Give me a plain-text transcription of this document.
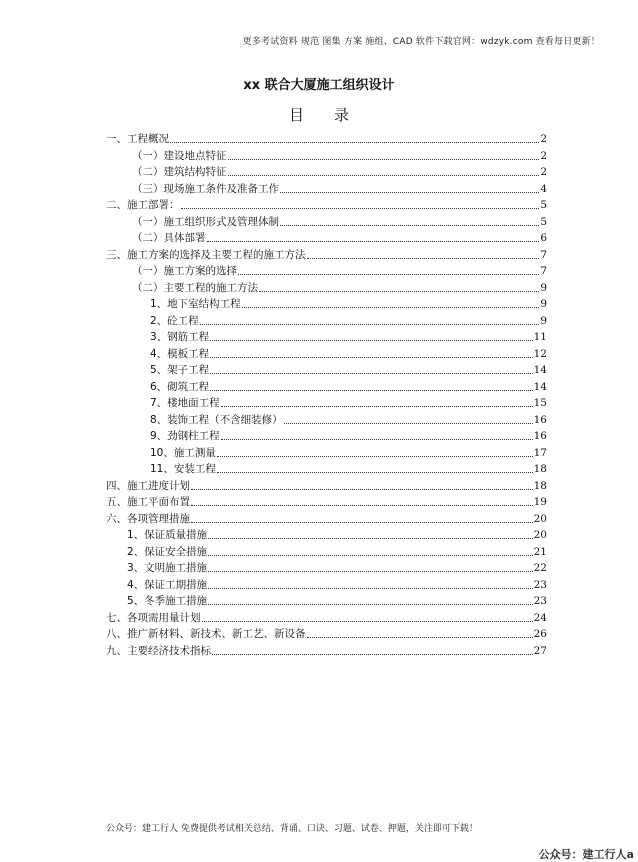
更多考试资料 规范 图集 方案 施组、CAD 软件下载官网：wdzyk.com 查看每日更新！
xx 联合大厦施工组织设计
目 录
一、工程概况	2
（一）建设地点特征	2
（二）建筑结构特征	2
（三）现场施工条件及准备工作	4
二、施工部署：	5
（一）施工组织形式及管理体制	5
（二）具体部署	6
三、施工方案的选择及主要工程的施工方法	7
（一）施工方案的选择	7
（二）主要工程的施工方法	9
1、地下室结构工程	9
2、砼工程	9
3、钢筋工程	11
4、模板工程	12
5、架子工程	14
6、砌筑工程	14
7、楼地面工程	15
8、装饰工程（不含细装修）	16
9、劲钢柱工程	16
10、施工测量	17
11、安装工程	18
四、施工进度计划	18
五、施工平面布置	19
六、各项管理措施	20
1、保证质量措施	20
2、保证安全措施	21
3、文明施工措施	22
4、保证工期措施	23
5、冬季施工措施	23
七、各项需用量计划	24
八、推广新材料、新技术、新工艺、新设备	26
九、主要经济技术指标	27
公众号：建工行人 免费提供考试相关总结、背诵、口诀、习题、试卷、押题，关注即可下载！
公众号：建工行人a
